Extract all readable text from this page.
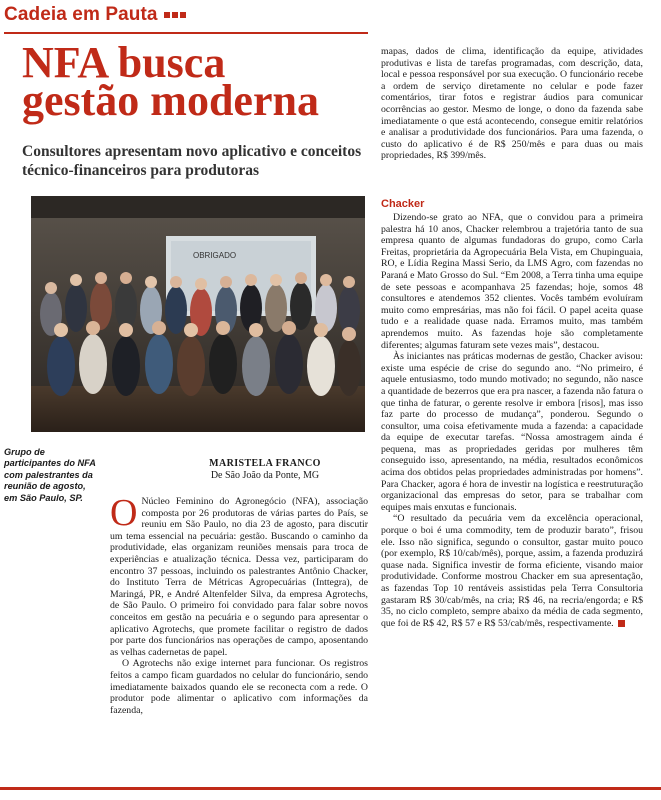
Cadeia em Pauta
NFA busca
gestão moderna
Consultores apresentam novo aplicativo e conceitos técnico-financeiros para produtoras
OBRIGADO
Grupo de participantes do NFA com palestrantes da reunião de agosto, em São Paulo, SP.
MARISTELA FRANCO
De São João da Ponte, MG

O Núcleo Feminino do Agronegócio (NFA), associação composta por 26 produtoras de várias partes do País, se reuniu em São Paulo, no dia 23 de agosto, para discutir um tema essencial na pecuária: gestão. Buscando o caminho da produtividade, elas organizam reuniões mensais para troca de experiências e atualização técnica. Dessa vez, participaram do encontro 37 pessoas, incluindo os palestrantes Antônio Chacker, do Instituto Terra de Métricas Agropecuárias (Inttegra), de Maringá, PR, e André Altenfelder Silva, da empresa Agrotechs, de São Paulo. O primeiro foi convidado para falar sobre novos conceitos em gestão na pecuária e o segundo para apresentar o aplicativo Agrotechs, que promete facilitar o registro de dados por parte dos funcionários nas operações de campo, aposentando as velhas cadernetas de papel.

O Agrotechs não exige internet para funcionar. Os registros feitos a campo ficam guardados no celular do funcionário, sendo imediatamente baixados quando ele se reconecta com a rede. O produtor pode alimentar o aplicativo com informações da fazenda,

mapas, dados de clima, identificação da equipe, atividades produtivas e lista de tarefas programadas, com descrição, data, local e pessoa responsável por sua execução. O funcionário recebe a ordem de serviço diretamente no celular e pode fazer comentários, tirar fotos e registrar áudios para comunicar ocorrências ao gestor. Mesmo de longe, o dono da fazenda sabe imediatamente o que está acontecendo, consegue emitir relatórios e analisar a produtividade dos funcionários. Para uma fazenda, o custo do aplicativo é de R$ 250/mês e para duas ou mais propriedades, R$ 399/mês.

Chacker

Dizendo-se grato ao NFA, que o convidou para a primeira palestra há 10 anos, Chacker relembrou a trajetória tanto de sua empresa quanto de algumas fundadoras do grupo, como Carla Freitas, proprietária da Agropecuária Bela Vista, em Chupinguaia, RO, e Lídia Regina Massi Serio, da LMS Agro, com fazendas no Paraná e Mato Grosso do Sul. “Em 2008, a Terra tinha uma equipe de sete pessoas e acompanhava 25 fazendas; hoje, somos 48 consultores e atendemos 352 clientes. Vocês também evoluíram muito como empresárias, mas não foi fácil. O papel aceita quase tudo e a realidade quase nada. Erramos muito, mas também aprendemos muito. As fazendas hoje são completamente diferentes; algumas faturam sete vezes mais”, destacou.

Às iniciantes nas práticas modernas de gestão, Chacker avisou: existe uma espécie de crise do segundo ano. “No primeiro, é aquele entusiasmo, todo mundo motivado; no segundo, não nasce a quantidade de bezerros que era pra nascer, a fazenda não fatura o que tinha de faturar, o gerente resolve ir embora [risos], mas isso faz parte do processo de mudança”, ponderou. Segundo o consultor, uma coisa efetivamente muda a fazenda: a capacidade da equipe de executar tarefas. “Nossa amostragem ainda é pequena, mas as propriedades geridas por mulheres têm conseguido isso, apresentando, na média, resultados econômicos acima dos obtidos pelas propriedades administradas por homens”. Para Chacker, agora é hora de investir na logística e reestruturação organizacional das empresas do setor, para se trabalhar com equipes mais enxutas e funcionais.

“O resultado da pecuária vem da excelência operacional, porque o boi é uma commodity, tem de produzir barato”, frisou ele. Isso não significa, segundo o consultor, gastar muito pouco (por exemplo, R$ 10/cab/mês), porque, assim, a fazenda produzirá quase nada. Significa investir de forma eficiente, visando maior produtividade. Conforme mostrou Chacker em sua apresentação, as fazendas Top 10 rentáveis assistidas pela Terra Consultoria gastaram R$ 30/cab/mês, na cria; R$ 46, na recria/engorda; e R$ 35, no ciclo completo, sempre abaixo da média de cada segmento, que foi de R$ 42, R$ 57 e R$ 53/cab/mês, respectivamente.
